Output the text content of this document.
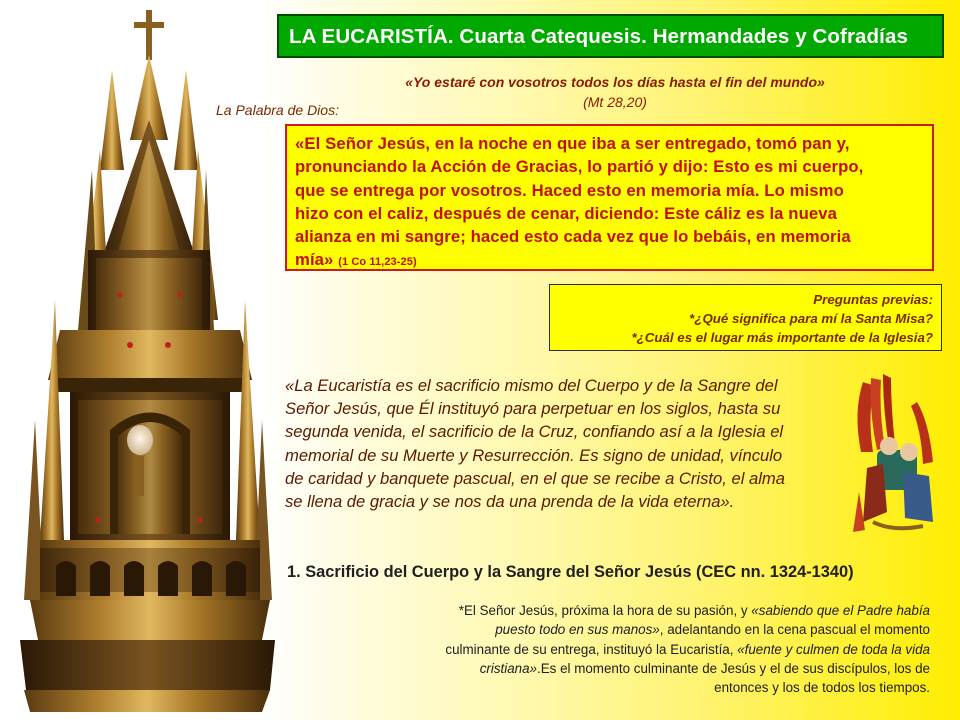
LA EUCARISTÍA. Cuarta Catequesis. Hermandades y Cofradías
«Yo estaré con vosotros todos los días hasta el fin del mundo»
(Mt 28,20)
La Palabra de Dios:
«El Señor Jesús, en la noche en que iba a ser entregado, tomó pan y,
pronunciando la Acción de Gracias, lo partió y dijo: Esto es mi cuerpo,
que se entrega por vosotros. Haced esto en memoria mía. Lo mismo
hizo con el caliz, después de cenar, diciendo: Este cáliz es la nueva
alianza en mi sangre; haced esto cada vez que lo bebáis, en memoria
mía» (1 Co 11,23-25)
Preguntas previas:
*¿Qué significa para mí la Santa Misa?
*¿Cuál es el lugar más importante de la Iglesia?
«La Eucaristía es el sacrificio mismo del Cuerpo y de la Sangre del
Señor Jesús, que Él instituyó para perpetuar en los siglos, hasta su
segunda venida, el sacrificio de la Cruz, confiando así a la Iglesia el
memorial de su Muerte y Resurrección. Es signo de unidad, vínculo
de caridad y banquete pascual, en el que se recibe a Cristo, el alma
se llena de gracia y se nos da una prenda de la vida eterna».
1. Sacrificio del Cuerpo y la Sangre del Señor Jesús (CEC nn. 1324-1340)
*El Señor Jesús, próxima la hora de su pasión, y «sabiendo que el Padre había
puesto todo en sus manos», adelantando en la cena pascual el momento
culminante de su entrega, instituyó la Eucaristía, «fuente y culmen de toda la vida
cristiana».Es el momento culminante de Jesús y el de sus discípulos, los de
entonces y los de todos los tiempos.
